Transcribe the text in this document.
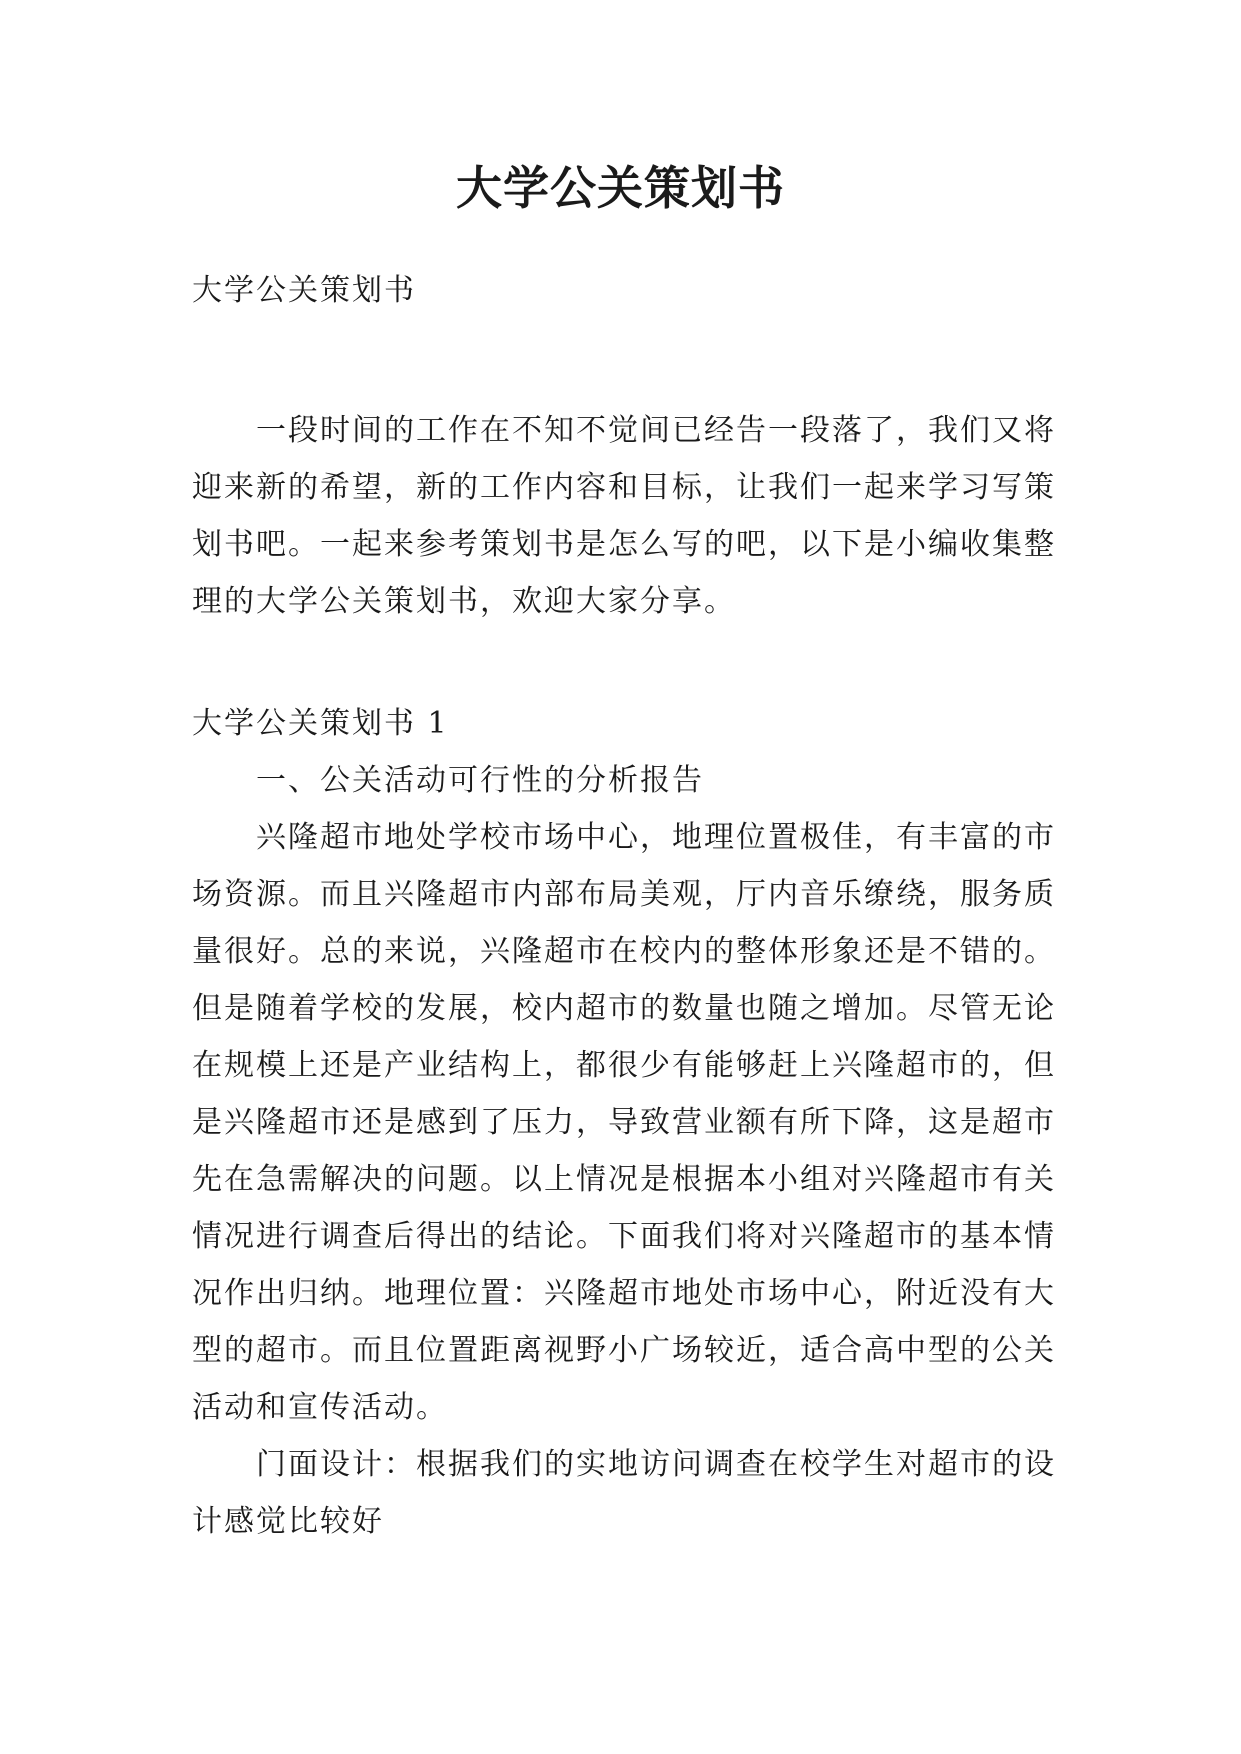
大学公关策划书

大学公关策划书

一段时间的工作在不知不觉间已经告一段落了，我们又将迎来新的希望，新的工作内容和目标，让我们一起来学习写策划书吧。一起来参考策划书是怎么写的吧，以下是小编收集整理的大学公关策划书，欢迎大家分享。

大学公关策划书 1

一、公关活动可行性的分析报告

兴隆超市地处学校市场中心，地理位置极佳，有丰富的市场资源。而且兴隆超市内部布局美观，厅内音乐缭绕，服务质量很好。总的来说，兴隆超市在校内的整体形象还是不错的。但是随着学校的发展，校内超市的数量也随之增加。尽管无论在规模上还是产业结构上，都很少有能够赶上兴隆超市的，但是兴隆超市还是感到了压力，导致营业额有所下降，这是超市先在急需解决的问题。以上情况是根据本小组对兴隆超市有关情况进行调查后得出的结论。下面我们将对兴隆超市的基本情况作出归纳。地理位置：兴隆超市地处市场中心，附近没有大型的超市。而且位置距离视野小广场较近，适合高中型的公关活动和宣传活动。

门面设计：根据我们的实地访问调查在校学生对超市的设计感觉比较好
